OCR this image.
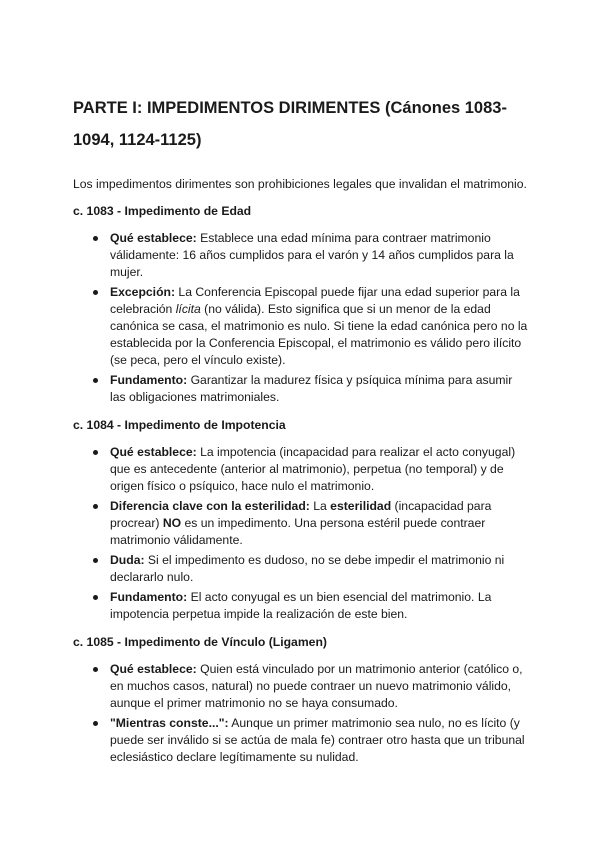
PARTE I: IMPEDIMENTOS DIRIMENTES (Cánones 1083-1094, 1124-1125)

Los impedimentos dirimentes son prohibiciones legales que invalidan el matrimonio.

c. 1083 - Impedimento de Edad
Qué establece: Establece una edad mínima para contraer matrimonio válidamente: 16 años cumplidos para el varón y 14 años cumplidos para la mujer.
Excepción: La Conferencia Episcopal puede fijar una edad superior para la celebración lícita (no válida). Esto significa que si un menor de la edad canónica se casa, el matrimonio es nulo. Si tiene la edad canónica pero no la establecida por la Conferencia Episcopal, el matrimonio es válido pero ilícito (se peca, pero el vínculo existe).
Fundamento: Garantizar la madurez física y psíquica mínima para asumir las obligaciones matrimoniales.
c. 1084 - Impedimento de Impotencia
Qué establece: La impotencia (incapacidad para realizar el acto conyugal) que es antecedente (anterior al matrimonio), perpetua (no temporal) y de origen físico o psíquico, hace nulo el matrimonio.
Diferencia clave con la esterilidad: La esterilidad (incapacidad para procrear) NO es un impedimento. Una persona estéril puede contraer matrimonio válidamente.
Duda: Si el impedimento es dudoso, no se debe impedir el matrimonio ni declararlo nulo.
Fundamento: El acto conyugal es un bien esencial del matrimonio. La impotencia perpetua impide la realización de este bien.
c. 1085 - Impedimento de Vínculo (Ligamen)
Qué establece: Quien está vinculado por un matrimonio anterior (católico o, en muchos casos, natural) no puede contraer un nuevo matrimonio válido, aunque el primer matrimonio no se haya consumado.
"Mientras conste...": Aunque un primer matrimonio sea nulo, no es lícito (y puede ser inválido si se actúa de mala fe) contraer otro hasta que un tribunal eclesiástico declare legítimamente su nulidad.
